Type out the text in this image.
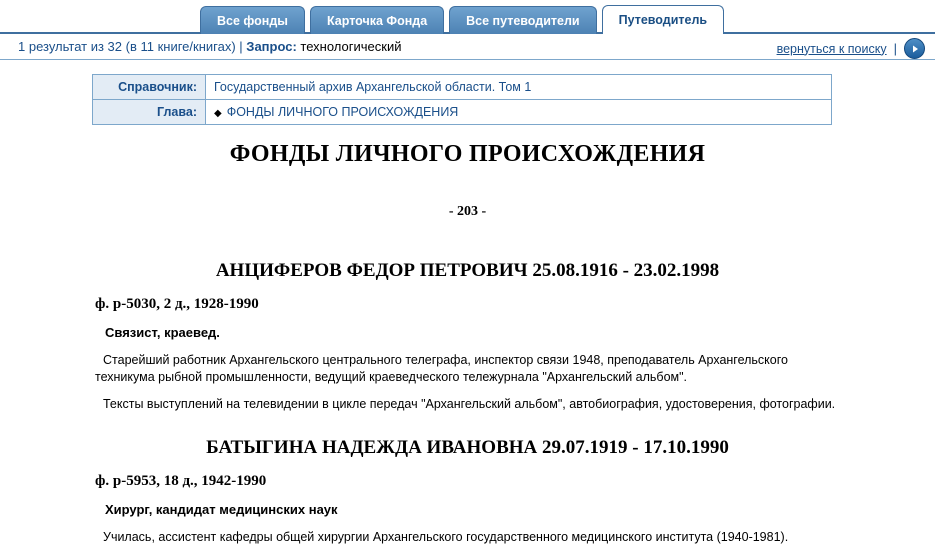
Все фонды	Карточка Фонда	Все путеводители	Путеводитель
1 результат из 32 (в 11 книге/книгах) | Запрос: технологический	вернуться к поиску |
Справочник:	Государственный архив Архангельской области. Том 1
Глава:	◆ ФОНДЫ ЛИЧНОГО ПРОИСХОЖДЕНИЯ
ФОНДЫ ЛИЧНОГО ПРОИСХОЖДЕНИЯ
- 203 -
АНЦИФЕРОВ ФЕДОР ПЕТРОВИЧ 25.08.1916 - 23.02.1998
ф. р-5030, 2 д., 1928-1990
Связист, краевед.
Старейший работник Архангельского центрального телеграфа, инспектор связи 1948, преподаватель Архангельского техникума рыбной промышленности, ведущий краеведческого тележурнала "Архангельский альбом".
Тексты выступлений на телевидении в цикле передач "Архангельский альбом", автобиография, удостоверения, фотографии.
БАТЫГИНА НАДЕЖДА ИВАНОВНА 29.07.1919 - 17.10.1990
ф. р-5953, 18 д., 1942-1990
Хирург, кандидат медицинских наук
Училась, ассистент кафедры общей хирургии Архангельского государственного медицинского института (1940-1981).
